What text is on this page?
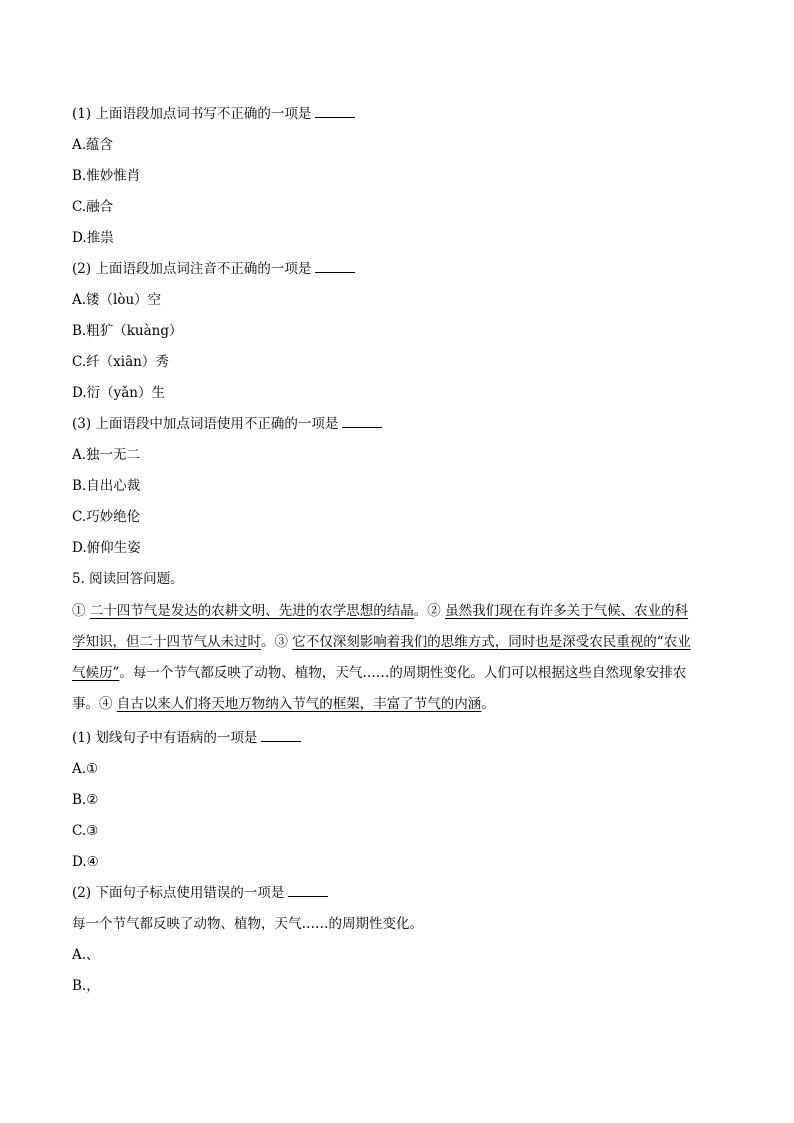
(1) 上面语段加点词书写不正确的一项是
A.蕴含
B.惟妙惟肖
C.融合
D.推祟
(2) 上面语段加点词注音不正确的一项是
A.镂（lòu）空
B.粗犷（kuàng）
C.纤（xiān）秀
D.衍（yǎn）生
(3) 上面语段中加点词语使用不正确的一项是
A.独一无二
B.自出心裁
C.巧妙绝伦
D.俯仰生姿
5. 阅读回答问题。
① 二十四节气是发达的农耕文明、先进的农学思想的结晶。② 虽然我们现在有许多关于气候、农业的科
学知识，但二十四节气从未过时。③ 它不仅深刻影响着我们的思维方式，同时也是深受农民重视的“农业
气候历”。每一个节气都反映了动物、植物，天气……的周期性变化。人们可以根据这些自然现象安排农
事。④ 自古以来人们将天地万物纳入节气的框架，丰富了节气的内涵。
(1) 划线句子中有语病的一项是
A.①
B.②
C.③
D.④
(2) 下面句子标点使用错误的一项是
每一个节气都反映了动物、植物，天气……的周期性变化。
A.、
B.，
